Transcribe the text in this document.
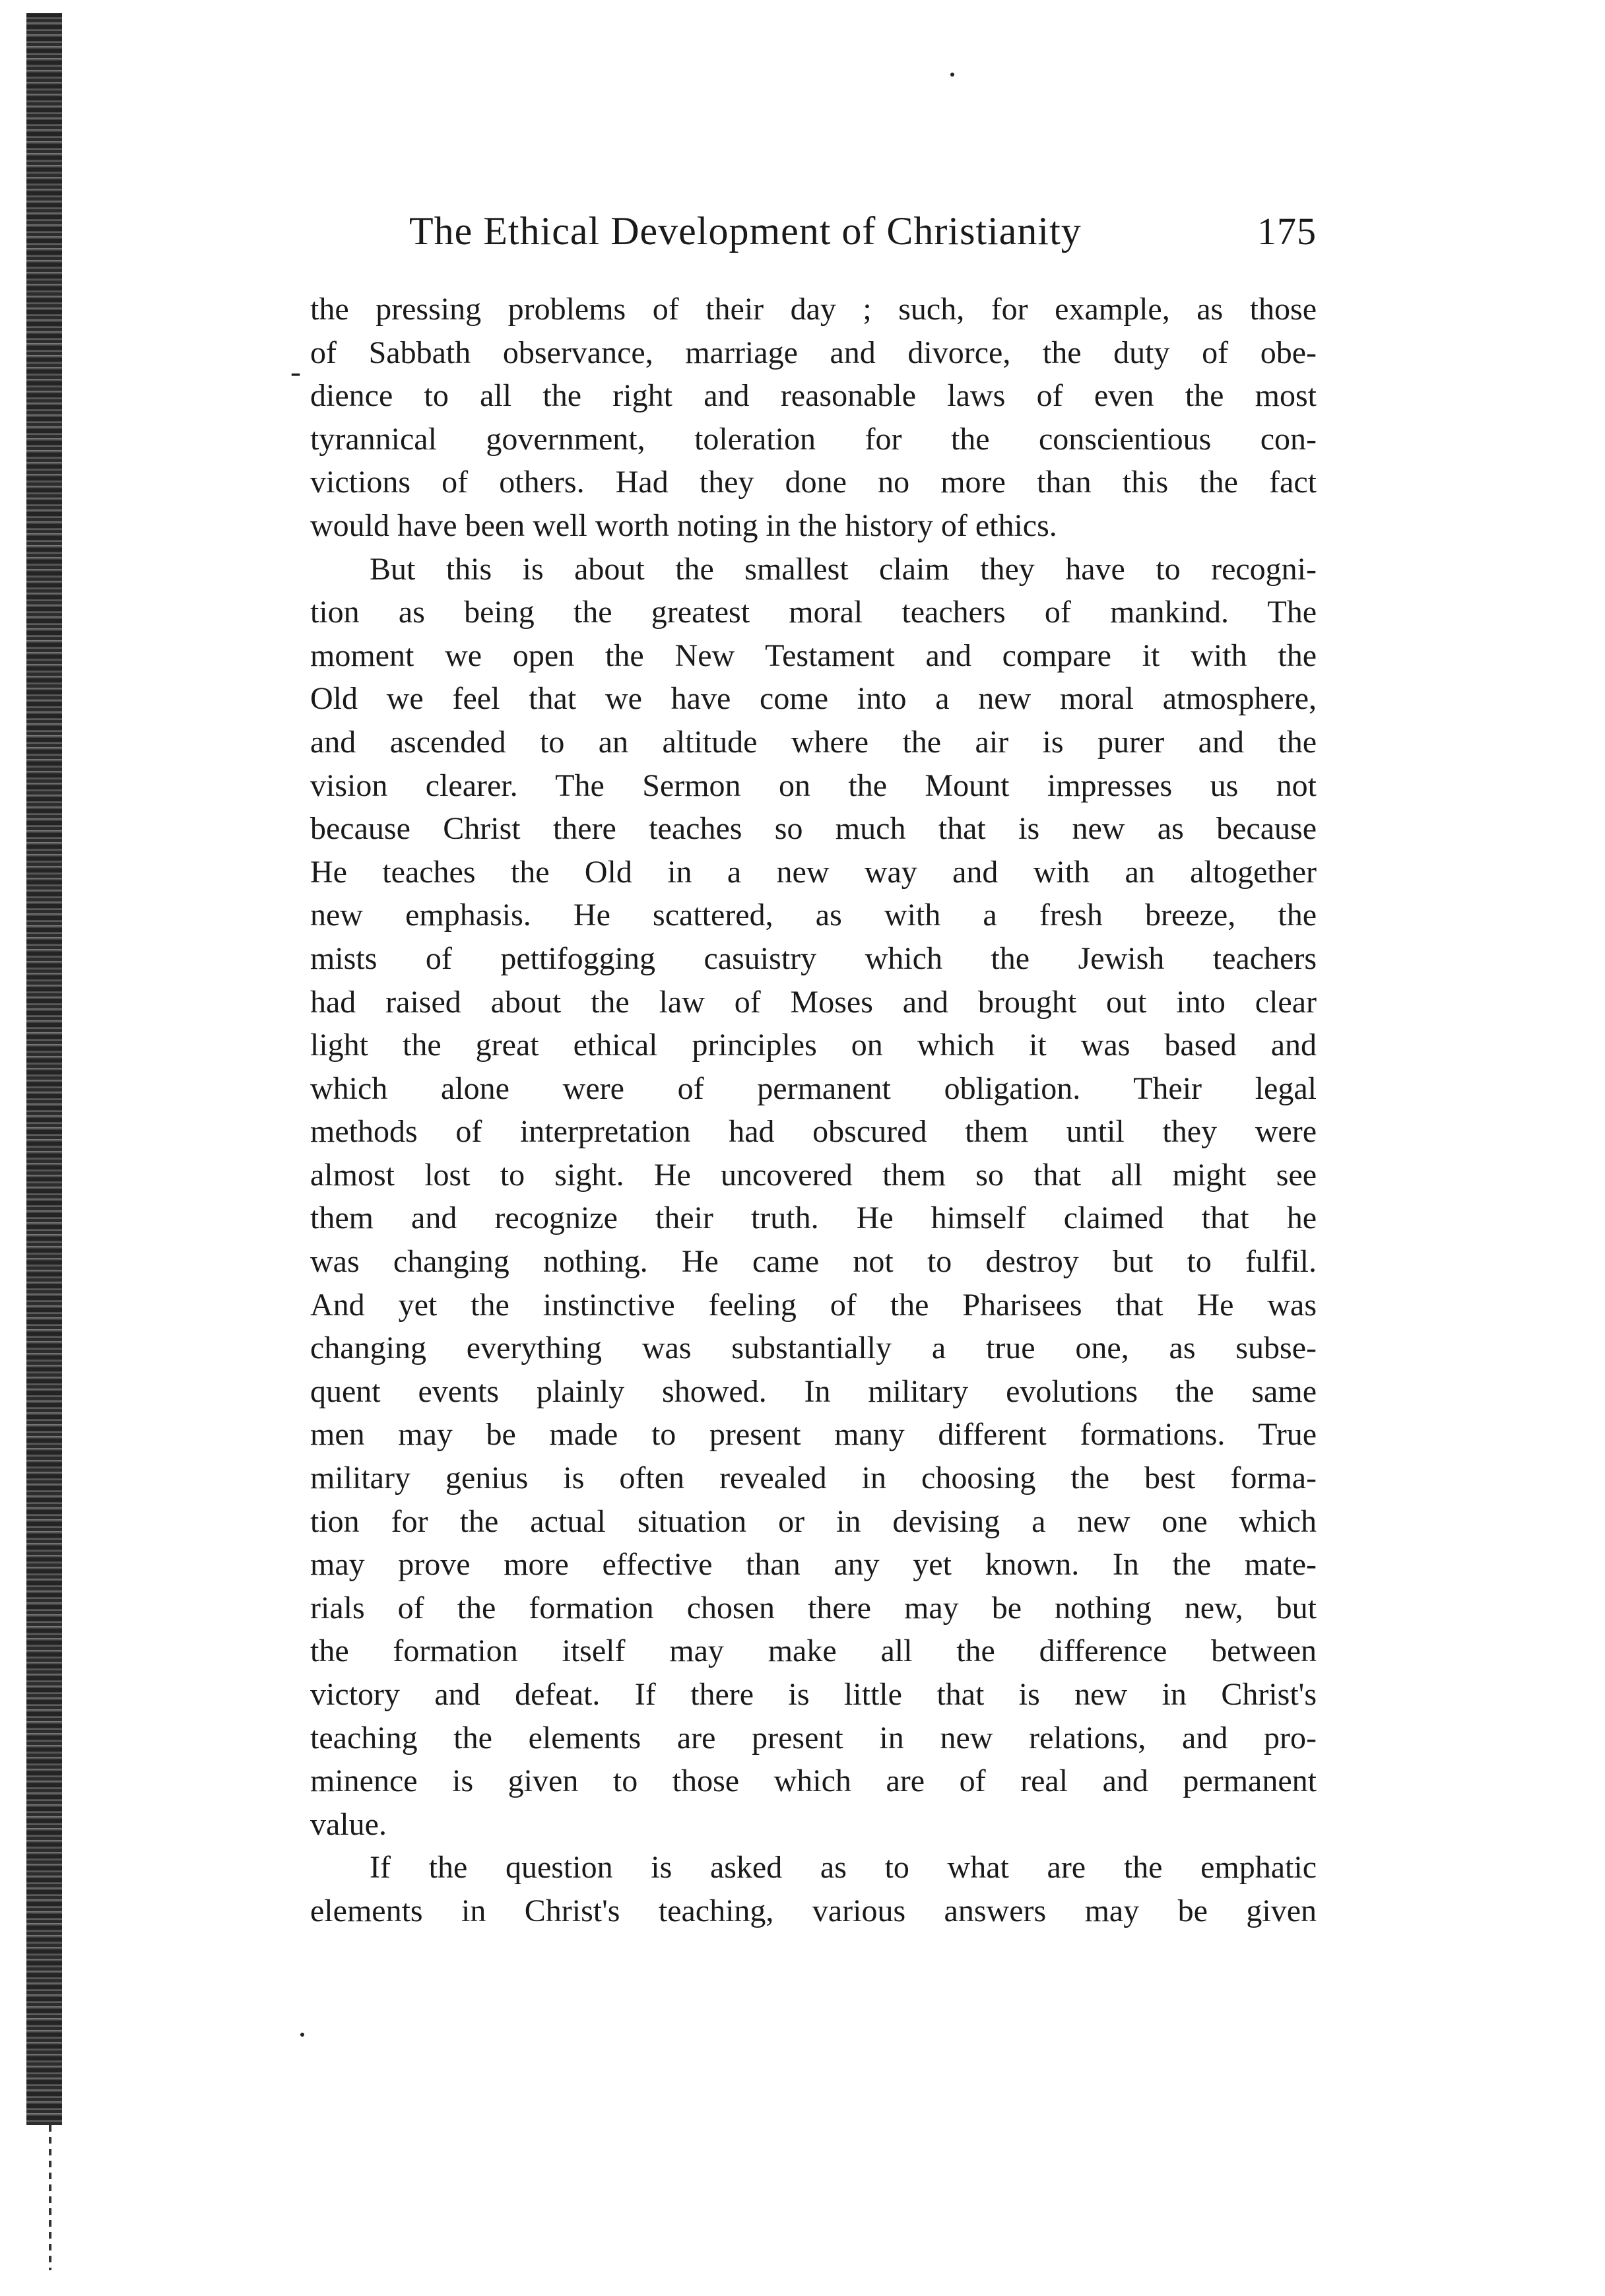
-
The Ethical Development of Christianity	175
the pressing problems of their day ; such, for example, as those
of Sabbath observance, marriage and divorce, the duty of obe-
dience to all the right and reasonable laws of even the most
tyrannical government, toleration for the conscientious con-
victions of others. Had they done no more than this the fact
would have been well worth noting in the history of ethics.
But this is about the smallest claim they have to recogni-
tion as being the greatest moral teachers of mankind. The
moment we open the New Testament and compare it with the
Old we feel that we have come into a new moral atmosphere,
and ascended to an altitude where the air is purer and the
vision clearer. The Sermon on the Mount impresses us not
because Christ there teaches so much that is new as because
He teaches the Old in a new way and with an altogether
new emphasis. He scattered, as with a fresh breeze, the
mists of pettifogging casuistry which the Jewish teachers
had raised about the law of Moses and brought out into clear
light the great ethical principles on which it was based and
which alone were of permanent obligation. Their legal
methods of interpretation had obscured them until they were
almost lost to sight. He uncovered them so that all might see
them and recognize their truth. He himself claimed that he
was changing nothing. He came not to destroy but to fulfil.
And yet the instinctive feeling of the Pharisees that He was
changing everything was substantially a true one, as subse-
quent events plainly showed. In military evolutions the same
men may be made to present many different formations. True
military genius is often revealed in choosing the best forma-
tion for the actual situation or in devising a new one which
may prove more effective than any yet known. In the mate-
rials of the formation chosen there may be nothing new, but
the formation itself may make all the difference between
victory and defeat. If there is little that is new in Christ's
teaching the elements are present in new relations, and pro-
minence is given to those which are of real and permanent
value.
If the question is asked as to what are the emphatic
elements in Christ's teaching, various answers may be given
